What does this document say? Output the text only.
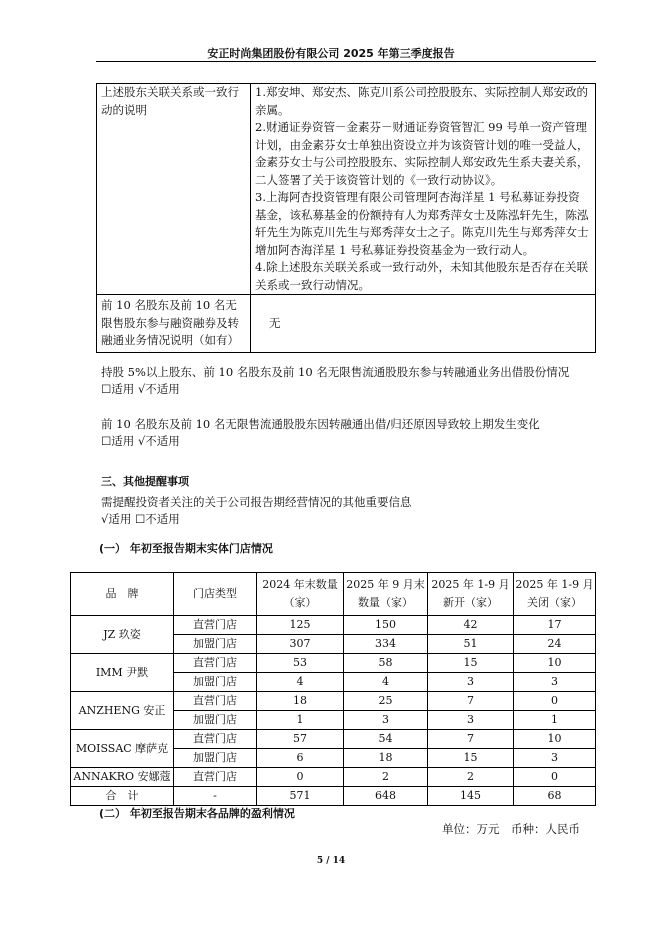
安正时尚集团股份有限公司 2025 年第三季度报告
上述股东关联关系或一致行动的说明	1.郑安坤、郑安杰、陈克川系公司控股股东、实际控制人郑安政的亲属。

2.财通证券资管－金素芬－财通证券资管智汇 99 号单一资产管理计划，由金素芬女士单独出资设立并为该资管计划的唯一受益人，金素芬女士与公司控股股东、实际控制人郑安政先生系夫妻关系，二人签署了关于该资管计划的《一致行动协议》。

3.上海阿杏投资管理有限公司管理阿杏海洋星 1 号私募证券投资基金，该私募基金的份额持有人为郑秀萍女士及陈泓轩先生，陈泓轩先生为陈克川先生与郑秀萍女士之子。陈克川先生与郑秀萍女士增加阿杏海洋星 1 号私募证券投资基金为一致行动人。

4.除上述股东关联关系或一致行动外，未知其他股东是否存在关联关系或一致行动情况。

前 10 名股东及前 10 名无限售股东参与融资融券及转融通业务情况说明（如有）	无
持股 5%以上股东、前 10 名股东及前 10 名无限售流通股股东参与转融通业务出借股份情况
☐适用 √不适用
前 10 名股东及前 10 名无限售流通股股东因转融通出借/归还原因导致较上期发生变化
☐适用 √不适用
三、其他提醒事项
需提醒投资者关注的关于公司报告期经营情况的其他重要信息
√适用 ☐不适用
(一） 年初至报告期末实体门店情况
品　牌	门店类型	2024 年末数量（家）	2025 年 9 月末数量（家）	2025 年 1-9 月新开（家）	2025 年 1-9 月关闭（家）
JZ 玖姿	直营门店	125	150	42	17
	加盟门店	307	334	51	24
IMM 尹默	直营门店	53	58	15	10
	加盟门店	4	4	3	3
ANZHENG 安正	直营门店	18	25	7	0
	加盟门店	1	3	3	1
MOISSAC 摩萨克	直营门店	57	54	7	10
	加盟门店	6	18	15	3
ANNAKRO 安娜蔻	直营门店	0	2	2	0
合　计	-	571	648	145	68
(二） 年初至报告期末各品牌的盈利情况
单位：万元　币种：人民币
5 / 14
